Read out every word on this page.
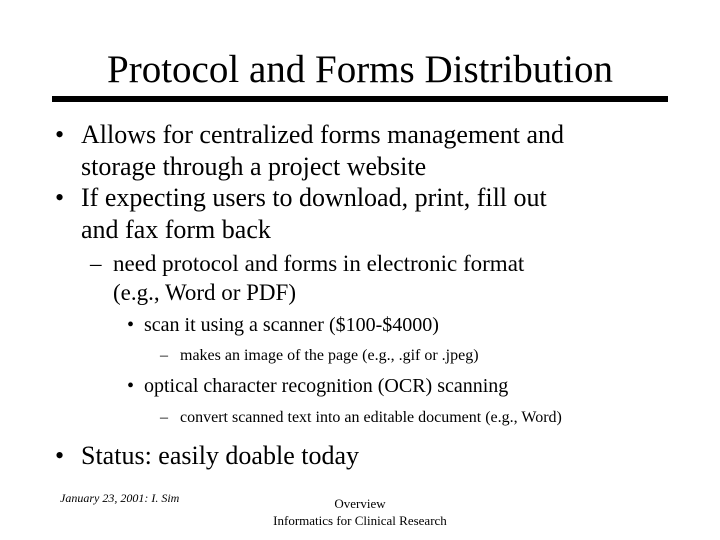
Protocol and Forms Distribution
• Allows for centralized forms management and
storage through a project website
• If expecting users to download, print, fill out
and fax form back
– need protocol and forms in electronic format
(e.g., Word or PDF)
• scan it using a scanner ($100-$4000)
– makes an image of the page (e.g., .gif or .jpeg)
• optical character recognition (OCR) scanning
– convert scanned text into an editable document (e.g., Word)
• Status: easily doable today
January 23, 2001: I. Sim	Overview
Informatics for Clinical Research
